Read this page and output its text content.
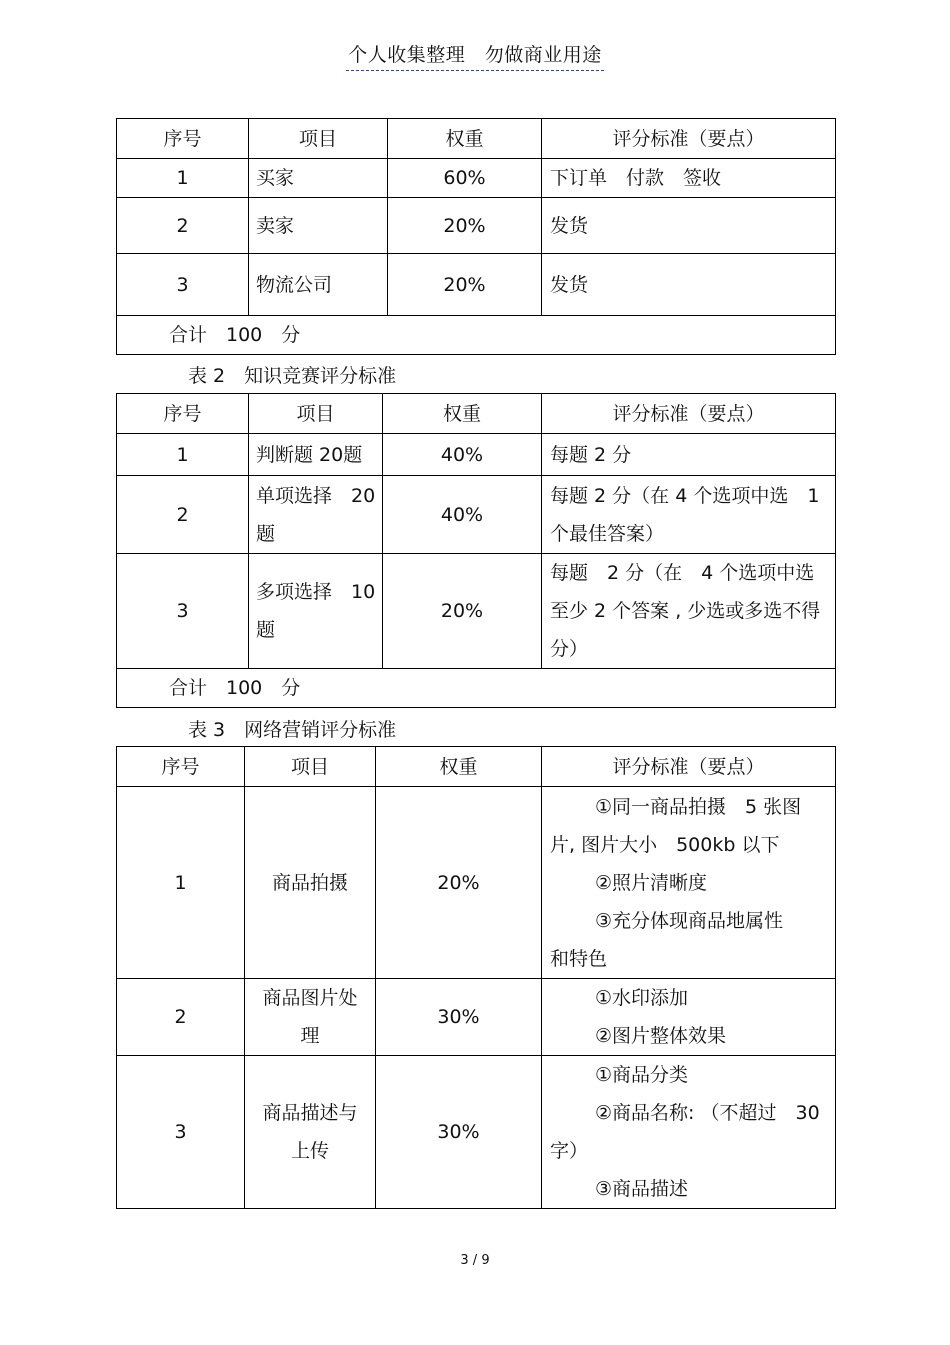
个人收集整理　勿做商业用途
序号	项目	权重	评分标准（要点）
1	买家	60%	下订单　付款　签收
2	卖家	20%	发货
3	物流公司	20%	发货
合计　100　分			
表 2　知识竞赛评分标准
序号	项目	权重	评分标准（要点）
1	判断题 20题	40%	每题 2 分
2	单项选择　20题	40%	每题 2 分（在 4 个选项中选　1 个最佳答案）
3	多项选择　10题	20%	每题　2 分（在　4 个选项中选至少 2 个答案 , 少选或多选不得分）
合计　100　分			
表 3　网络营销评分标准
序号	项目	权重	评分标准（要点）
1	商品拍摄	20%	①同一商品拍摄　5 张图
片, 图片大小　500kb 以下
②照片清晰度
③充分体现商品地属性
和特色

2	商品图片处理	30%	①水印添加
②图片整体效果

3	商品描述与上传	30%	①商品分类
②商品名称: （不超过　30
字）
③商品描述
3 / 9
